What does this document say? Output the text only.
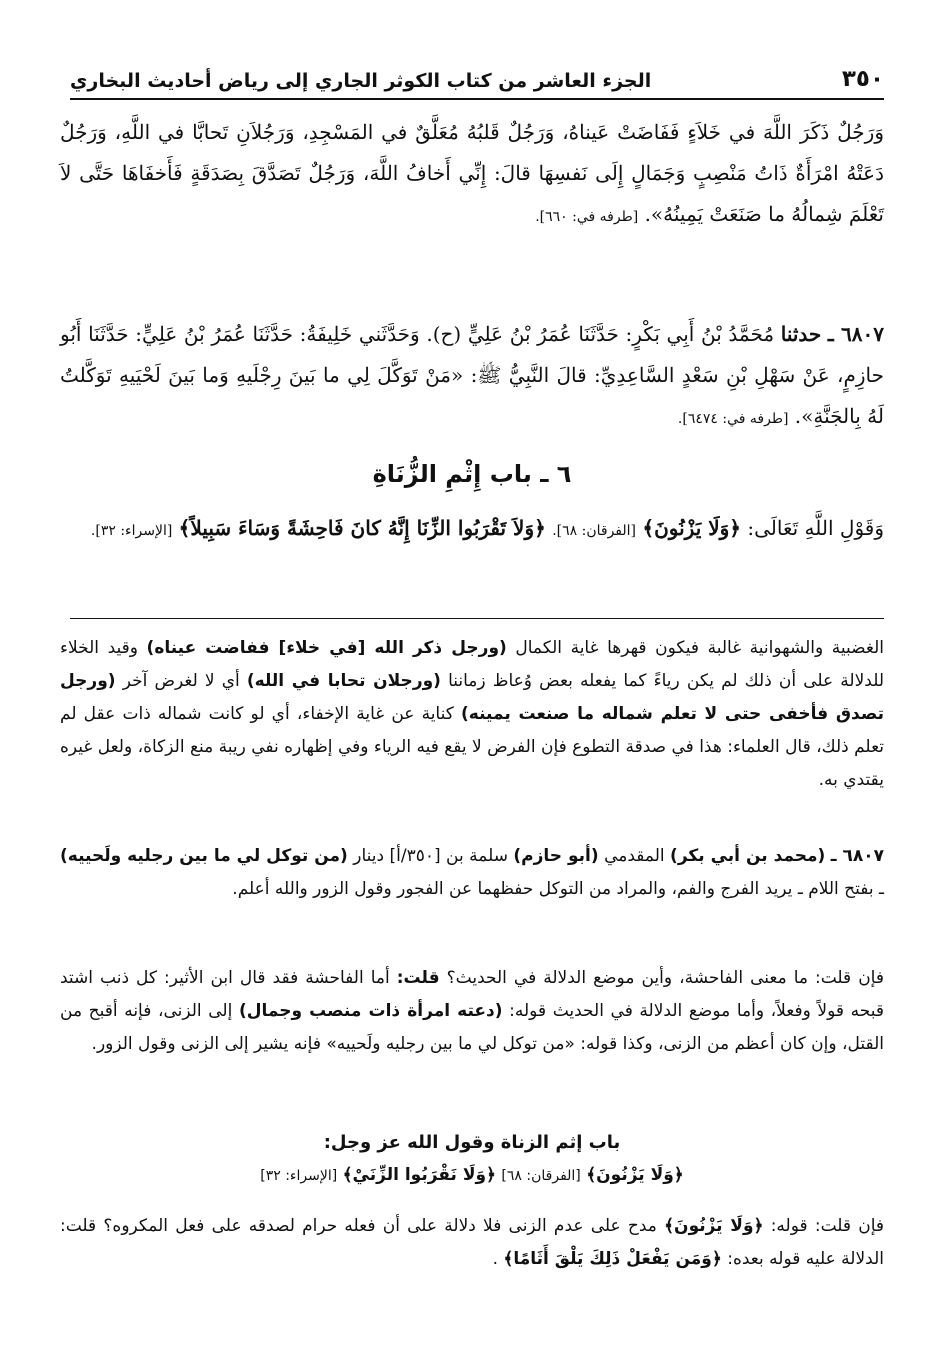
٣٥٠
الجزء العاشر من كتاب الكوثر الجاري إلى رياض أحاديث البخاري

وَرَجُلٌ ذَكَرَ اللَّهَ في خَلاَءٍ فَفَاضَتْ عَيناهُ، وَرَجُلٌ قَلبُهُ مُعَلَّقٌ في المَسْجِدِ، وَرَجُلاَنِ تَحابَّا في اللَّهِ، وَرَجُلٌ دَعَتْهُ امْرَأَةٌ ذَاتُ مَنْصِبٍ وَجَمَالٍ إِلَى نَفسِهَا قالَ: إِنِّي أَخافُ اللَّهَ، وَرَجُلٌ تَصَدَّقَ بِصَدَقَةٍ فَأَخفَاهَا حَتَّى لاَ تَعْلَمَ شِمالُهُ ما صَنَعَتْ يَمِينُهُ». [طرفه في: ٦٦٠].

٦٨٠٧ ـ حدثنا مُحَمَّدُ بْنُ أَبِي بَكْرٍ: حَدَّثَنَا عُمَرُ بْنُ عَلِيٍّ (ح). وَحَدَّثَني خَلِيفَةُ: حَدَّثَنَا عُمَرُ بْنُ عَلِيٍّ: حَدَّثَنَا أَبُو حازِمٍ، عَنْ سَهْلِ بْنِ سَعْدٍ السَّاعِدِيِّ: قالَ النَّبِيُّ ﷺ: «مَنْ تَوَكَّلَ لِي ما بَينَ رِجْلَيهِ وَما بَينَ لَحْيَيهِ تَوَكَّلتُ لَهُ بِالجَنَّةِ». [طرفه في: ٦٤٧٤].

٦ ـ باب إِثْمِ الزُّنَاةِ

وَقَوْلِ اللَّهِ تَعَالَى: ﴿وَلَا يَزْنُونَ﴾ [الفرقان: ٦٨]. ﴿وَلاَ تَقْرَبُوا الزِّنَا إِنَّهُ كانَ فَاحِشَةً وَسَاءَ سَبِيلاً﴾ [الإسراء: ٣٢].

الغضبية والشهوانية غالبة فيكون قهرها غاية الكمال (ورجل ذكر الله [في خلاء] ففاضت عيناه) وقيد الخلاء للدلالة على أن ذلك لم يكن رياءً كما يفعله بعض وُعاظ زماننا (ورجلان تحابا في الله) أي لا لغرض آخر (ورجل تصدق فأخفى حتى لا تعلم شماله ما صنعت يمينه) كناية عن غاية الإخفاء، أي لو كانت شماله ذات عقل لم تعلم ذلك، قال العلماء: هذا في صدقة التطوع فإن الفرض لا يقع فيه الرياء وفي إظهاره نفي ريبة منع الزكاة، ولعل غيره يقتدي به.

٦٨٠٧ ـ (محمد بن أبي بكر) المقدمي (أبو حازم) سلمة بن [٣٥٠/أ] دينار (من توكل لي ما بين رجليه ولَحييه) ـ بفتح اللام ـ يريد الفرج والفم، والمراد من التوكل حفظهما عن الفجور وقول الزور والله أعلم.

فإن قلت: ما معنى الفاحشة، وأين موضع الدلالة في الحديث؟ قلت: أما الفاحشة فقد قال ابن الأثير: كل ذنب اشتد قبحه قولاً وفعلاً، وأما موضع الدلالة في الحديث قوله: (دعته امرأة ذات منصب وجمال) إلى الزنى، فإنه أقبح من القتل، وإن كان أعظم من الزنى، وكذا قوله: «من توكل لي ما بين رجليه ولَحييه» فإنه يشير إلى الزنى وقول الزور.

باب إثم الزناة وقول الله عز وجل:

﴿وَلَا يَزْنُونَ﴾ [الفرقان: ٦٨] ﴿وَلَا نَقْرَبُوا الزِّنَيْ﴾ [الإسراء: ٣٢]

فإن قلت: قوله: ﴿وَلَا يَزْنُونَ﴾ مدح على عدم الزنى فلا دلالة على أن فعله حرام لصدقه على فعل المكروه؟ قلت: الدلالة عليه قوله بعده: ﴿وَمَن يَفْعَلْ ذَلِكَ يَلْقَ أَثَامًا﴾ .
